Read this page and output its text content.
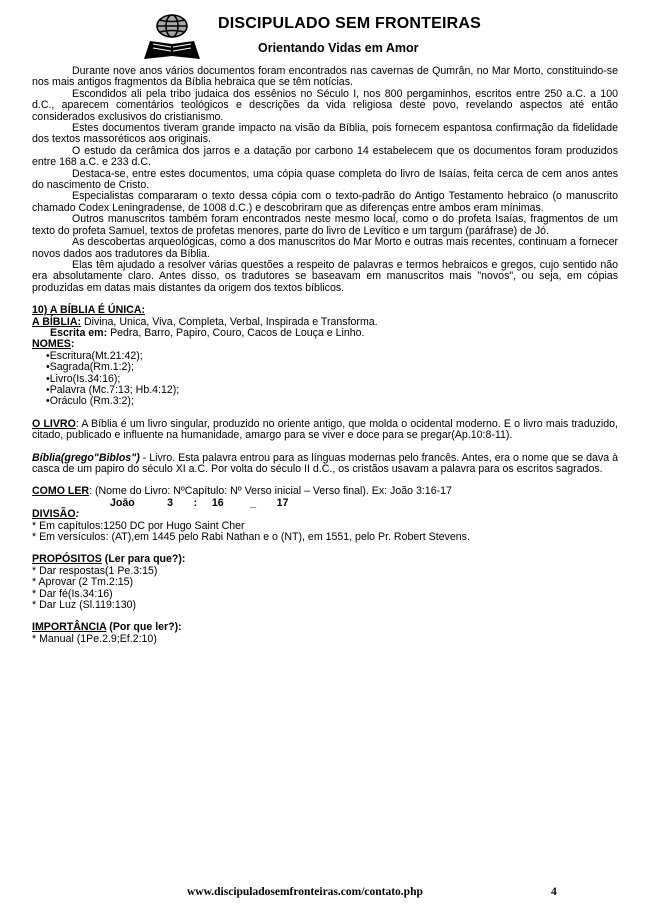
DISCIPULADO SEM FRONTEIRAS
Orientando Vidas em Amor

Durante nove anos vários documentos foram encontrados nas cavernas de Qumrân, no Mar Morto, constituindo-se nos mais antigos fragmentos da Bíblia hebraica que se têm notícias.

Escondidos ali pela tribo judaica dos essênios no Século I, nos 800 pergaminhos, escritos entre 250 a.C. a 100 d.C., aparecem comentários teológicos e descrições da vida religiosa deste povo, revelando aspectos até então considerados exclusivos do cristianismo.

Estes documentos tiveram grande impacto na visão da Bíblia, pois fornecem espantosa confirmação da fidelidade dos textos massoréticos aos originais.

O estudo da cerâmica dos jarros e a datação por carbono 14 estabelecem que os documentos foram produzidos entre 168 a.C. e 233 d.C.

Destaca-se, entre estes documentos, uma cópia quase completa do livro de Isaías, feita cerca de cem anos antes do nascimento de Cristo.

Especialistas compararam o texto dessa cópia com o texto-padrão do Antigo Testamento hebraico (o manuscrito chamado Codex Leningradense, de 1008 d.C.) e descobriram que as diferenças entre ambos eram mínimas.

Outros manuscritos também foram encontrados neste mesmo local, como o do profeta Isaías, fragmentos de um texto do profeta Samuel, textos de profetas menores, parte do livro de Levítico e um targum (paráfrase) de Jó.

As descobertas arqueológicas, como a dos manuscritos do Mar Morto e outras mais recentes, continuam a fornecer novos dados aos tradutores da Bíblia.

Elas têm ajudado a resolver várias questões a respeito de palavras e termos hebraicos e gregos, cujo sentido não era absolutamente claro. Antes disso, os tradutores se baseavam em manuscritos mais "novos", ou seja, em cópias produzidas em datas mais distantes da origem dos textos bíblicos.

10) A BÍBLIA É ÚNICA:

A BÍBLIA: Divina, Unica, Viva, Completa, Verbal, Inspirada e Transforma.

Escrita em: Pedra, Barro, Papiro, Couro, Cacos de Louça e Linho.

NOMES:

• Escritura(Mt.21:42);
• Sagrada(Rm.1:2);
• Livro(Is.34:16);
• Palavra (Mc.7:13; Hb.4:12);
• Oráculo (Rm.3:2);

O LIVRO: A Bíblia é um livro singular, produzido no oriente antigo, que molda o ocidental moderno. E o livro mais traduzido, citado, publicado e influente na humanidade, amargo para se viver e doce para se pregar(Ap.10:8-11).

Bíblia(grego"Biblos") - Livro. Esta palavra entrou para as línguas modernas pelo francês. Antes, era o nome que se dava à casca de um papiro do século XI a.C. Por volta do século II d.C., os cristãos usavam a palavra para os escritos sagrados.

COMO LER: (Nome do Livro: NºCapítulo: Nº Verso inicial – Verso final). Ex: João 3:16-17

Joāo           3       :     16         _       17

DIVISÃO:

* Em capítulos:1250 DC por Hugo Saint Cher

* Em versículos: (AT),em 1445 pelo Rabi Nathan e o (NT), em 1551, pelo Pr. Robert Stevens.

PROPÓSITOS (Ler para que?):

* Dar respostas(1 Pe.3:15)

* Aprovar (2 Tm.2:15)

* Dar fé(Is.34:16)

* Dar Luz (Sl.119:130)

IMPORTÂNCIA (Por que ler?):

* Manual (1Pe.2.9;Ef.2:10)

www.discipuladosemfronteiras.com/contato.php	4
